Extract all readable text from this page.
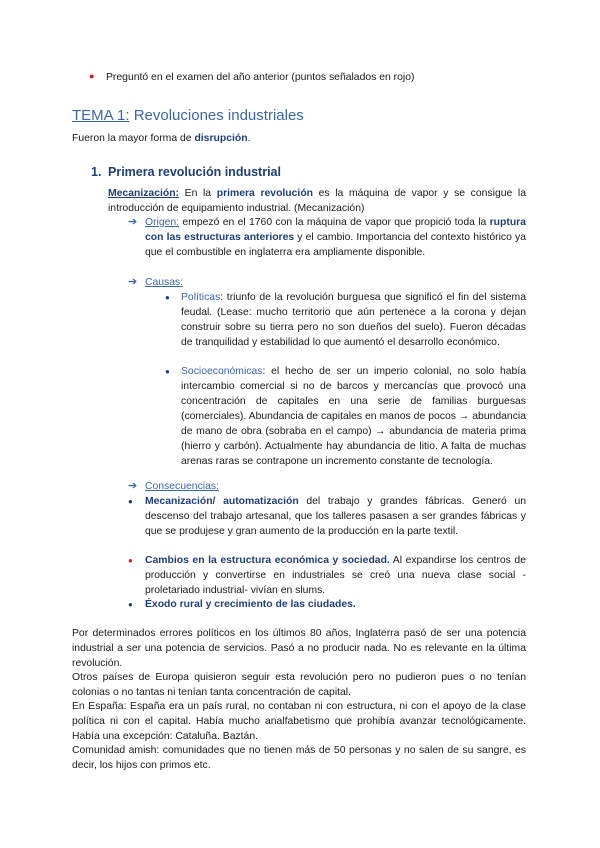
● Preguntó en el examen del año anterior (puntos señalados en rojo)
TEMA 1: Revoluciones industriales
Fueron la mayor forma de disrupción.
1. Primera revolución industrial
Mecanización: En la primera revolución es la máquina de vapor y se consigue la introducción de equipamiento industrial. (Mecanización)
➔ Origen: empezó en el 1760 con la máquina de vapor que propició toda la ruptura con las estructuras anteriores y el cambio. Importancia del contexto histórico ya que el combustible en inglaterra era ampliamente disponible.
➔ Causas:
● Políticas: triunfo de la revolución burguesa que significó el fin del sistema feudal. (Lease: mucho territorio que aún pertenece a la corona y dejan construir sobre su tierra pero no son dueños del suelo). Fueron décadas de tranquilidad y estabilidad lo que aumentó el desarrollo económico.
● Socioeconómicas: el hecho de ser un imperio colonial, no solo había intercambio comercial si no de barcos y mercancías que provocó una concentración de capitales en una serie de familias burguesas (comerciales). Abundancia de capitales en manos de pocos → abundancia de mano de obra (sobraba en el campo) → abundancia de materia prima (hierro y carbón). Actualmente hay abundancia de litio. A falta de muchas arenas raras se contrapone un incremento constante de tecnología.
➔ Consecuencias:
● Mecanización/ automatización del trabajo y grandes fábricas. Generó un descenso del trabajo artesanal, que los talleres pasasen a ser grandes fábricas y que se produjese y gran aumento de la producción en la parte textil.
● Cambios en la estructura económica y sociedad. Al expandirse los centros de producción y convertirse en industriales se creó una nueva clase social -proletariado industrial- vivían en slums.
● Éxodo rural y crecimiento de las ciudades.
Por determinados errores políticos en los últimos 80 años, Inglaterra pasó de ser una potencia industrial a ser una potencia de servicios. Pasó a no producir nada. No es relevante en la última revolución.
Otros países de Europa quisieron seguir esta revolución pero no pudieron pues o no tenían colonias o no tantas ni tenían tanta concentración de capital.
En España: España era un país rural, no contaban ni con estructura, ni con el apoyo de la clase política ni con el capital. Había mucho analfabetismo que prohibía avanzar tecnológicamente. Había una excepción: Cataluña. Baztán.
Comunidad amish: comunidades que no tienen más de 50 personas y no salen de su sangre, es decir, los hijos con primos etc.
